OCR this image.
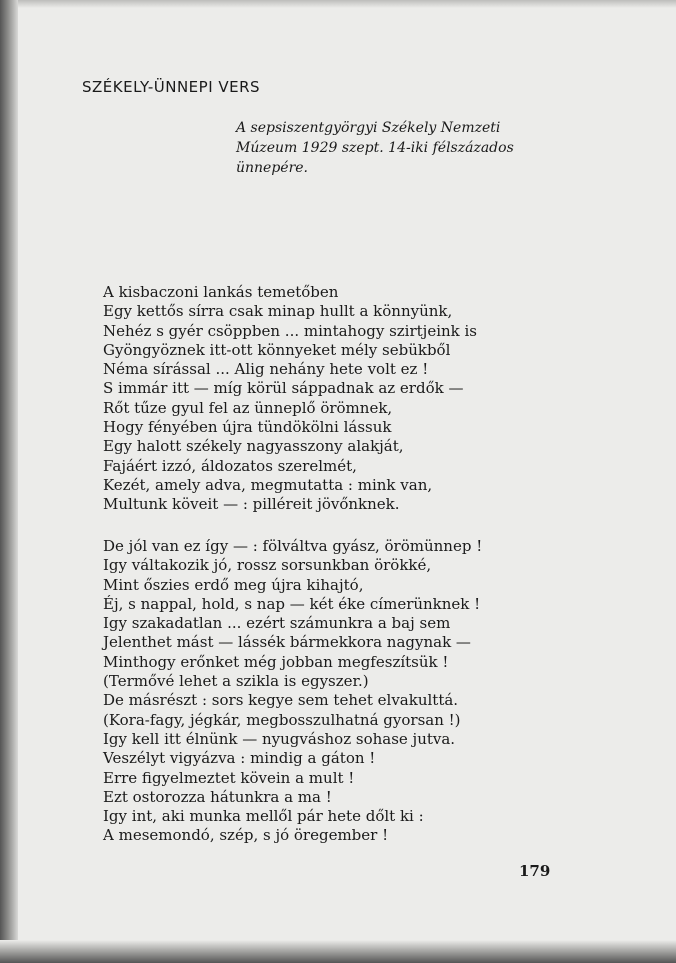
SZÉKELY-ÜNNEPI VERS
A sepsiszentgyörgyi Székely Nemzeti
Múzeum 1929 szept. 14-iki félszázados
ünnepére.
A kisbaczoni lankás temetőben
Egy kettős sírra csak minap hullt a könnyünk,
Nehéz s gyér csöppben ... mintahogy szirtjeink is
Gyöngyöznek itt-ott könnyeket mély sebükből
Néma sírással ... Alig nehány hete volt ez !
S immár itt — míg körül sáppadnak az erdők —
Rőt tűze gyul fel az ünneplő örömnek,
Hogy fényében újra tündökölni lássuk
Egy halott székely nagyasszony alakját,
Fajáért izzó, áldozatos szerelmét,
Kezét, amely adva, megmutatta : mink van,
Multunk köveit — : pilléreit jövőnknek.
De jól van ez így — : fölváltva gyász, örömünnep !
Igy váltakozik jó, rossz sorsunkban örökké,
Mint őszies erdő meg újra kihajtó,
Éj, s nappal, hold, s nap — két éke címerünknek !
Igy szakadatlan ... ezért számunkra a baj sem
Jelenthet mást — lássék bármekkora nagynak —
Minthogy erőnket még jobban megfeszítsük !
(Termővé lehet a szikla is egyszer.)
De másrészt : sors kegye sem tehet elvakulttá.
(Kora-fagy, jégkár, megbosszulhatná gyorsan !)
Igy kell itt élnünk — nyugváshoz sohase jutva.
Veszélyt vigyázva : mindig a gáton !
Erre figyelmeztet kövein a mult !
Ezt ostorozza hátunkra a ma !
Igy int, aki munka mellől pár hete dőlt ki :
A mesemondó, szép, s jó öregember !
179
